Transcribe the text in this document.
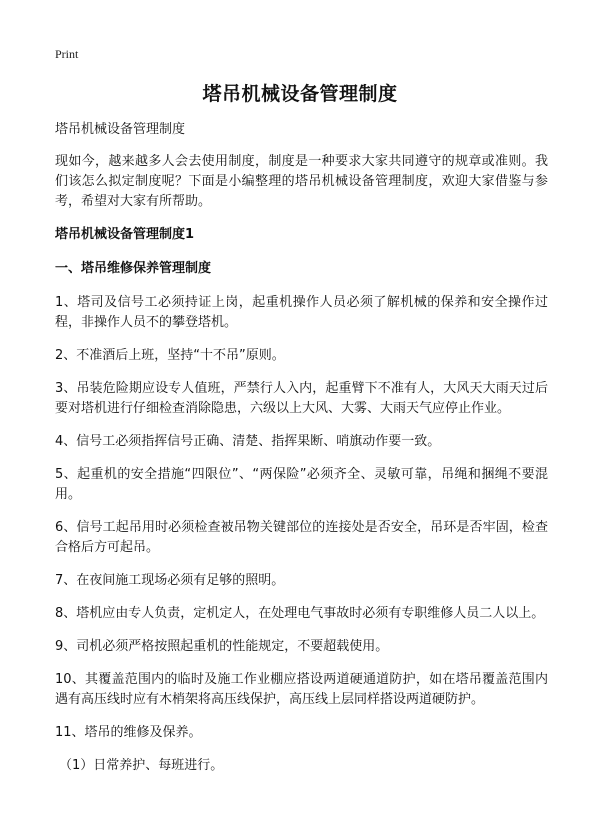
Print
塔吊机械设备管理制度

塔吊机械设备管理制度

现如今，越来越多人会去使用制度，制度是一种要求大家共同遵守的规章或准则。我们该怎么拟定制度呢？下面是小编整理的塔吊机械设备管理制度，欢迎大家借鉴与参考，希望对大家有所帮助。

塔吊机械设备管理制度1

一、塔吊维修保养管理制度

1、塔司及信号工必须持证上岗，起重机操作人员必须了解机械的保养和安全操作过程，非操作人员不的攀登塔机。

2、不准酒后上班，坚持“十不吊”原则。

3、吊装危险期应设专人值班，严禁行人入内，起重臂下不准有人，大风天大雨天过后要对塔机进行仔细检查消除隐患，六级以上大风、大雾、大雨天气应停止作业。

4、信号工必须指挥信号正确、清楚、指挥果断、哨旗动作要一致。

5、起重机的安全措施“四限位”、“两保险”必须齐全、灵敏可靠，吊绳和捆绳不要混用。

6、信号工起吊用时必须检查被吊物关键部位的连接处是否安全，吊环是否牢固，检查合格后方可起吊。

7、在夜间施工现场必须有足够的照明。

8、塔机应由专人负责，定机定人，在处理电气事故时必须有专职维修人员二人以上。

9、司机必须严格按照起重机的性能规定，不要超载使用。

10、其覆盖范围内的临时及施工作业棚应搭设两道硬通道防护，如在塔吊覆盖范围内遇有高压线时应有木梢架将高压线保护，高压线上层同样搭设两道硬防护。

11、塔吊的维修及保养。

（1）日常养护、每班进行。
